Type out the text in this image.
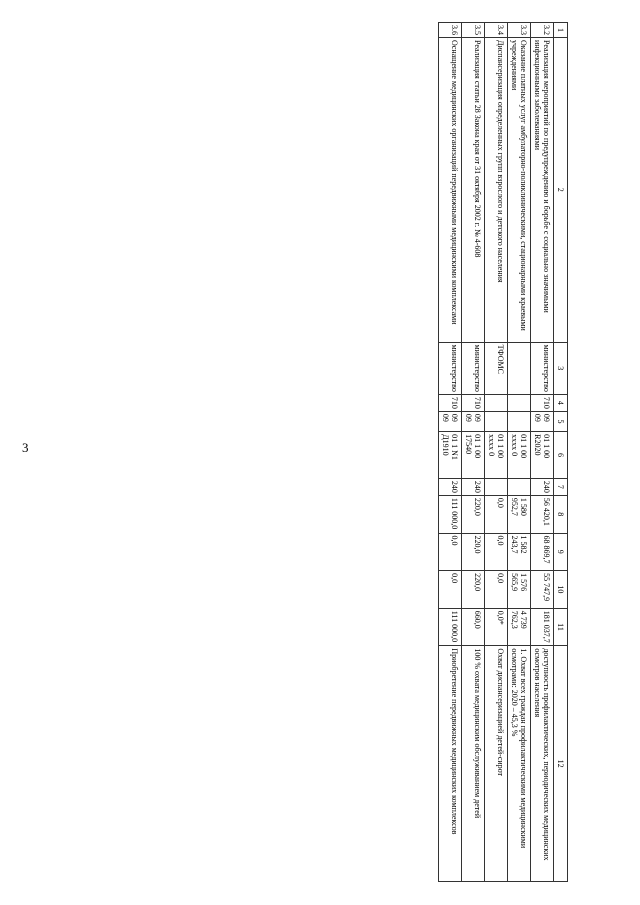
3
1	2	3	4	5	6	7	8	9	10	11	12
3.2	Реализация мероприятий по предупреждению и борьбе с социально значимыми инфекционными заболеваниями	министерство	710	09 09	01 1 00 R2020	240	56 420,1	68 869,7	55 747,9	181 037,7	доступность профилактических, периодических медицинских осмотров населения
3.3	Оказание платных услуг амбулаторно-поликлиническими, стационарными краевыми учреждениями				01 1 00 xxxx 0		1 580 952,7	1 582 243,7	1 576 565,9	4 739 762,3	1. Охват всех граждан профилактическими медицинскими осмотрами: 2020 – 45,3 %
3.4	Диспансеризация определенных групп взрослого и детского населения	ТФОМС			01 1 00 xxxx 0		0,0	0,0	0,0	0,0*	Охват диспансеризацией детей-сирот
3.5	Реализация статьи 28 Закона края от 31 октября 2002 г. № 4-608	министерство	710	09 09	01 1 00 17540	240	220,0	220,0	220,0	660,0	100 % охвата медицинским обслуживанием детей
3.6	Оснащение медицинских организаций передвижными медицинскими комплексами	министерство	710	09 09	01 1 N1 Д1910	240	111 000,0	0,0	0,0	111 000,0	Приобретение передвижных медицинских комплексов
